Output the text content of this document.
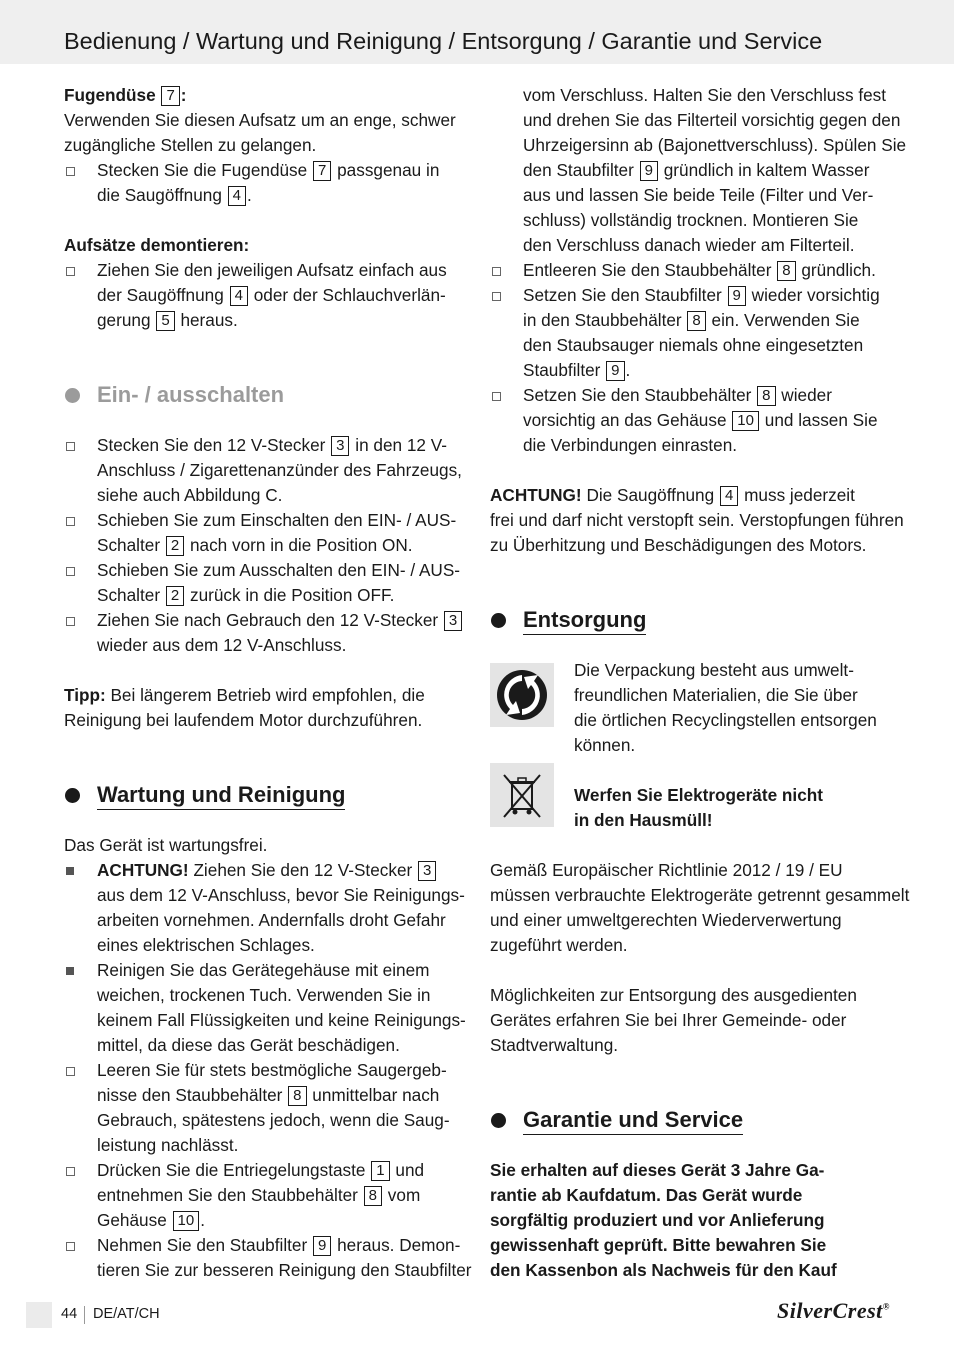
Bedienung / Wartung und Reinigung / Entsorgung / Garantie und Service
Fugendüse 7 :
Verwenden Sie diesen Aufsatz um an enge, schwer
zugängliche Stellen zu gelangen.
Stecken Sie die Fugendüse 7 passgenau in
die Saugöffnung 4 .
Aufsätze demontieren:
Ziehen Sie den jeweiligen Aufsatz einfach aus
der Saugöffnung 4 oder der Schlauchverlän-
gerung 5 heraus.
Ein- / ausschalten
Stecken Sie den 12 V-Stecker 3 in den 12 V-
Anschluss / Zigarettenanzünder des Fahrzeugs,
siehe auch Abbildung C.
Schieben Sie zum Einschalten den EIN- / AUS-
Schalter 2 nach vorn in die Position ON.
Schieben Sie zum Ausschalten den EIN- / AUS-
Schalter 2 zurück in die Position OFF.
Ziehen Sie nach Gebrauch den 12 V-Stecker 3
wieder aus dem 12 V-Anschluss.
Tipp: Bei längerem Betrieb wird empfohlen, die
Reinigung bei laufendem Motor durchzuführen.
Wartung und Reinigung
Das Gerät ist wartungsfrei.
ACHTUNG! Ziehen Sie den 12 V-Stecker 3
aus dem 12 V-Anschluss, bevor Sie Reinigungs-
arbeiten vornehmen. Andernfalls droht Gefahr
eines elektrischen Schlages.
Reinigen Sie das Gerätegehäuse mit einem
weichen, trockenen Tuch. Verwenden Sie in
keinem Fall Flüssigkeiten und keine Reinigungs-
mittel, da diese das Gerät beschädigen.
Leeren Sie für stets bestmögliche Saugergeb-
nisse den Staubbehälter 8 unmittelbar nach
Gebrauch, spätestens jedoch, wenn die Saug-
leistung nachlässt.
Drücken Sie die Entriegelungstaste 1 und
entnehmen Sie den Staubbehälter 8 vom
Gehäuse 10 .
Nehmen Sie den Staubfilter 9 heraus. Demon-
tieren Sie zur besseren Reinigung den Staubfilter
vom Verschluss. Halten Sie den Verschluss fest
und drehen Sie das Filterteil vorsichtig gegen den
Uhrzeigersinn ab (Bajonettverschluss). Spülen Sie
den Staubfilter 9 gründlich in kaltem Wasser
aus und lassen Sie beide Teile (Filter und Ver-
schluss) vollständig trocknen. Montieren Sie
den Verschluss danach wieder am Filterteil.
Entleeren Sie den Staubbehälter 8 gründlich.
Setzen Sie den Staubfilter 9 wieder vorsichtig
in den Staubbehälter 8 ein. Verwenden Sie
den Staubsauger niemals ohne eingesetzten
Staubfilter 9 .
Setzen Sie den Staubbehälter 8 wieder
vorsichtig an das Gehäuse 10 und lassen Sie
die Verbindungen einrasten.
ACHTUNG! Die Saugöffnung 4 muss jederzeit
frei und darf nicht verstopft sein. Verstopfungen führen
zu Überhitzung und Beschädigungen des Motors.
Entsorgung
Die Verpackung besteht aus umwelt-
freundlichen Materialien, die Sie über
die örtlichen Recyclingstellen entsorgen
können.
Werfen Sie Elektrogeräte nicht
in den Hausmüll!
Gemäß Europäischer Richtlinie 2012 / 19 / EU
müssen verbrauchte Elektrogeräte getrennt gesammelt
und einer umweltgerechten Wiederverwertung
zugeführt werden.
Möglichkeiten zur Entsorgung des ausgedienten
Gerätes erfahren Sie bei Ihrer Gemeinde- oder
Stadtverwaltung.
Garantie und Service
Sie erhalten auf dieses Gerät 3 Jahre Ga-
rantie ab Kaufdatum. Das Gerät wurde
sorgfältig produziert und vor Anlieferung
gewissenhaft geprüft. Bitte bewahren Sie
den Kassenbon als Nachweis für den Kauf
44 DE/AT/CH	SilverCrest®
